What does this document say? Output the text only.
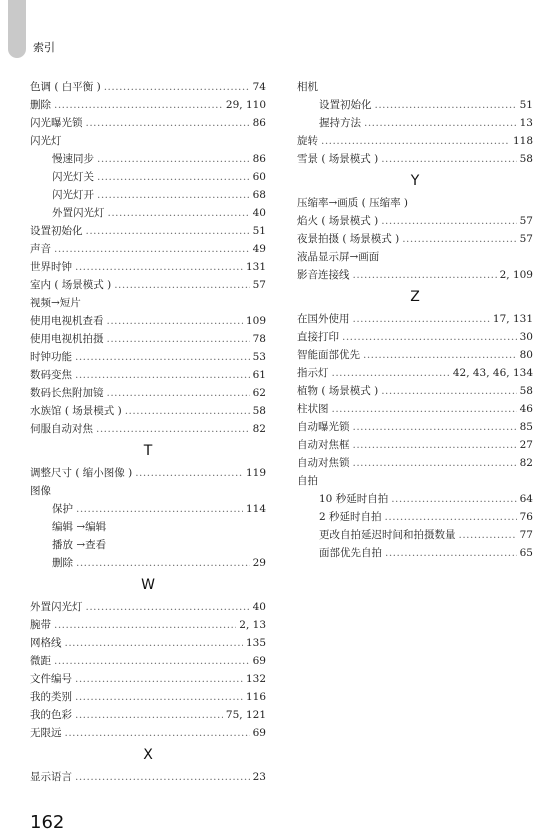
索引
色调 ( 白平衡 ) .....	74
删除 .....	29, 110
闪光曝光锁 .....	86
闪光灯
慢速同步 .....	86
闪光灯关 .....	60
闪光灯开 .....	68
外置闪光灯 .....	40
设置初始化 .....	51
声音 .....	49
世界时钟 .....	131
室内 ( 场景模式 ) .....	57
视频→短片
使用电视机查看 .....	109
使用电视机拍摄 .....	78
时钟功能 .....	53
数码变焦 .....	61
数码长焦附加镜 .....	62
水族馆 ( 场景模式 ) .....	58
伺服自动对焦 .....	82
T
调整尺寸 ( 缩小图像 ) .....	119
图像
保护 .....	114
编辑 →编辑
播放 →查看
删除 .....	29
W
外置闪光灯 .....	40
腕带 .....	2, 13
网格线 .....	135
微距 .....	69
文件编号 .....	132
我的类别 .....	116
我的色彩 .....	75, 121
无限远 .....	69
X
显示语言 .....	23
相机
设置初始化 .....	51
握持方法 .....	13
旋转 .....	118
雪景 ( 场景模式 ) .....	58
Y
压缩率→画质 ( 压缩率 )
焰火 ( 场景模式 ) .....	57
夜景拍摄 ( 场景模式 ) .....	57
液晶显示屏→画面
影音连接线 .....	2, 109
Z
在国外使用 .....	17, 131
直接打印 .....	30
智能面部优先 .....	80
指示灯 .....	42, 43, 46, 134
植物 ( 场景模式 ) .....	58
柱状图 .....	46
自动曝光锁 .....	85
自动对焦框 .....	27
自动对焦锁 .....	82
自拍
10 秒延时自拍 .....	64
2 秒延时自拍 .....	76
更改自拍延迟时间和拍摄数量 .....	77
面部优先自拍 .....	65
162
